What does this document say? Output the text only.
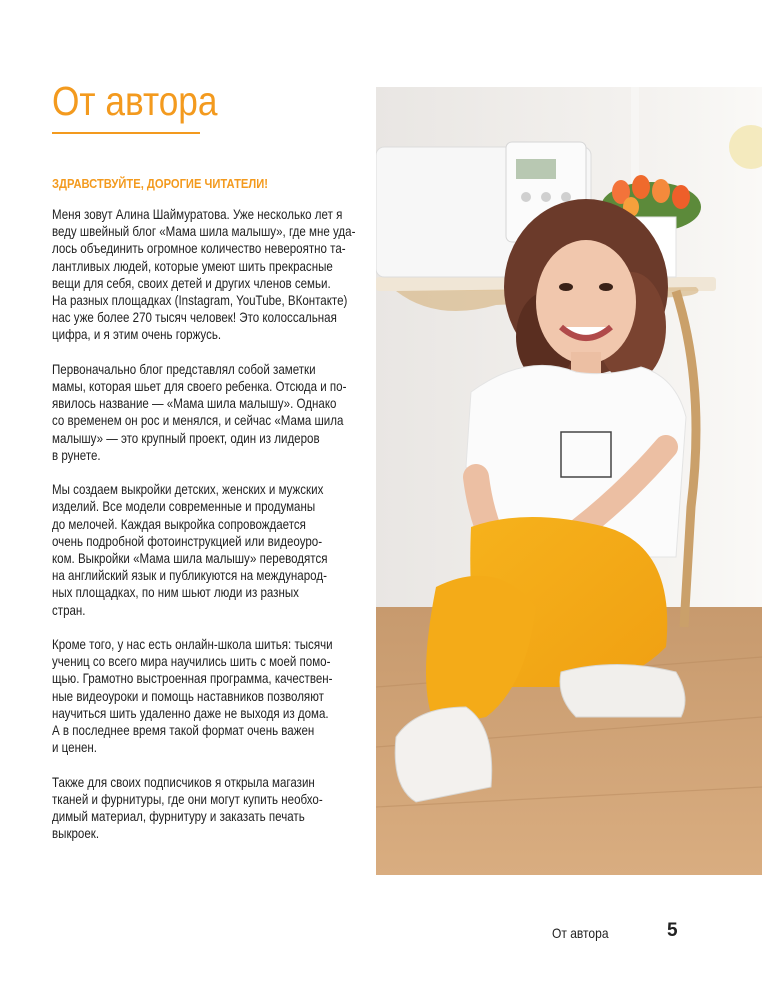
От автора
ЗДРАВСТВУЙТЕ, ДОРОГИЕ ЧИТАТЕЛИ!

Меня зовут Алина Шаймуратова. Уже несколько лет я
веду швейный блог «Мама шила малышу», где мне уда-
лось объединить огромное количество невероятно та-
лантливых людей, которые умеют шить прекрасные
вещи для себя, своих детей и других членов семьи.
На разных площадках (Instagram, YouTube, ВКонтакте)
нас уже более 270 тысяч человек! Это колоссальная
цифра, и я этим очень горжусь.

Первоначально блог представлял собой заметки
мамы, которая шьет для своего ребенка. Отсюда и по-
явилось название — «Мама шила малышу». Однако
со временем он рос и менялся, и сейчас «Мама шила
малышу» — это крупный проект, один из лидеров
в рунете.

Мы создаем выкройки детских, женских и мужских
изделий. Все модели современные и продуманы
до мелочей. Каждая выкройка сопровождается
очень подробной фотоинструкцией или видеоуро-
ком. Выкройки «Мама шила малышу» переводятся
на английский язык и публикуются на международ-
ных площадках, по ним шьют люди из разных
стран.

Кроме того, у нас есть онлайн-школа шитья: тысячи
учениц со всего мира научились шить с моей помо-
щью. Грамотно выстроенная программа, качествен-
ные видеоуроки и помощь наставников позволяют
научиться шить удаленно даже не выходя из дома.
А в последнее время такой формат очень важен
и ценен.

Также для своих подписчиков я открыла магазин
тканей и фурнитуры, где они могут купить необхо-
димый материал, фурнитуру и заказать печать
выкроек.

От автора	5
